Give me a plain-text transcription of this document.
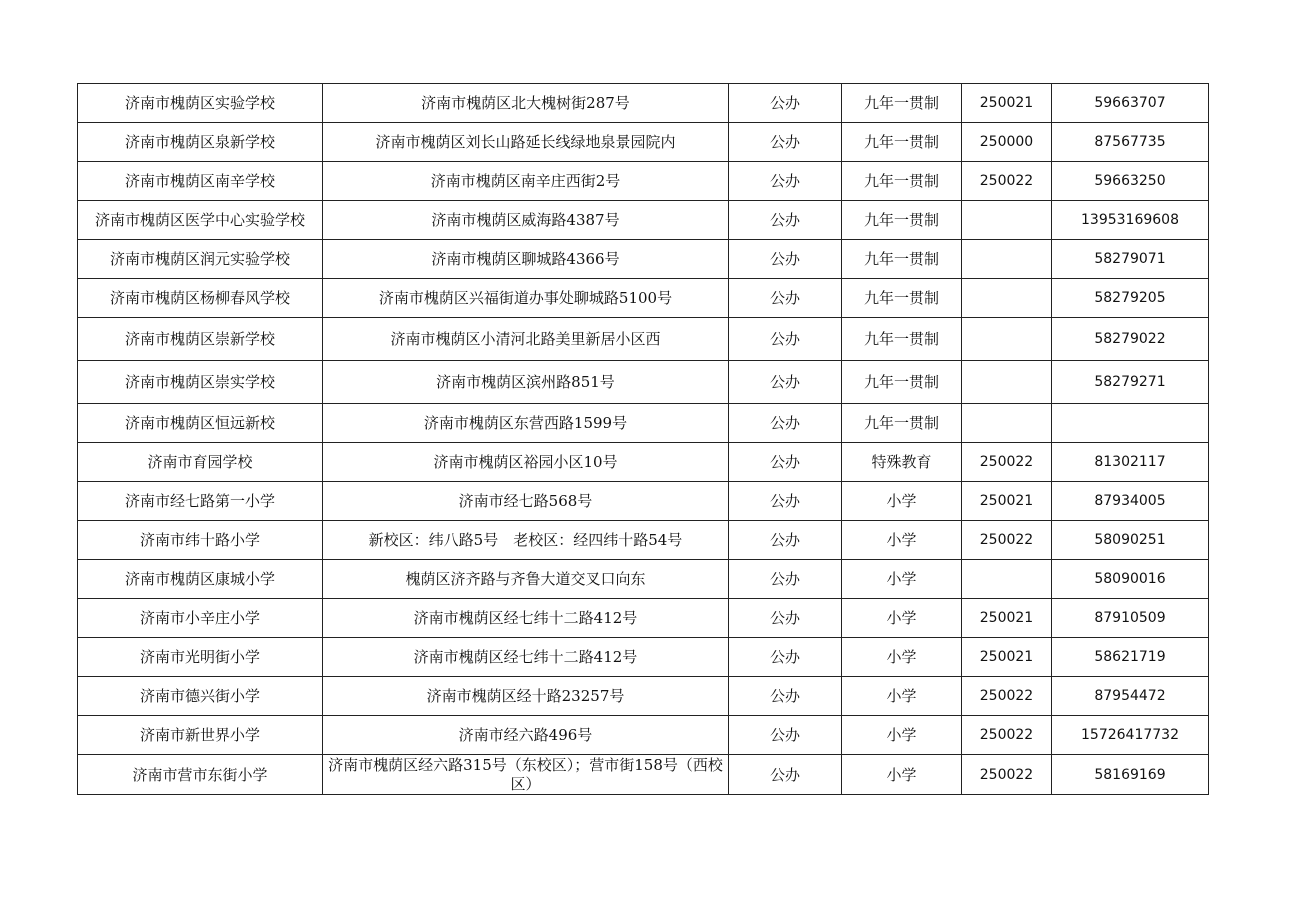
济南市槐荫区实验学校	济南市槐荫区北大槐树街287号	公办	九年一贯制	250021	59663707
济南市槐荫区泉新学校	济南市槐荫区刘长山路延长线绿地泉景园院内	公办	九年一贯制	250000	87567735
济南市槐荫区南辛学校	济南市槐荫区南辛庄西街2号	公办	九年一贯制	250022	59663250
济南市槐荫区医学中心实验学校	济南市槐荫区威海路4387号	公办	九年一贯制		13953169608
济南市槐荫区润元实验学校	济南市槐荫区聊城路4366号	公办	九年一贯制		58279071
济南市槐荫区杨柳春风学校	济南市槐荫区兴福街道办事处聊城路5100号	公办	九年一贯制		58279205
济南市槐荫区崇新学校	济南市槐荫区小清河北路美里新居小区西	公办	九年一贯制		58279022
济南市槐荫区崇实学校	济南市槐荫区滨州路851号	公办	九年一贯制		58279271
济南市槐荫区恒远新校	济南市槐荫区东营西路1599号	公办	九年一贯制		
济南市育园学校	济南市槐荫区裕园小区10号	公办	特殊教育	250022	81302117
济南市经七路第一小学	济南市经七路568号	公办	小学	250021	87934005
济南市纬十路小学	新校区：纬八路5号　老校区：经四纬十路54号	公办	小学	250022	58090251
济南市槐荫区康城小学	槐荫区济齐路与齐鲁大道交叉口向东	公办	小学		58090016
济南市小辛庄小学	济南市槐荫区经七纬十二路412号	公办	小学	250021	87910509
济南市光明街小学	济南市槐荫区经七纬十二路412号	公办	小学	250021	58621719
济南市德兴街小学	济南市槐荫区经十路23257号	公办	小学	250022	87954472
济南市新世界小学	济南市经六路496号	公办	小学	250022	15726417732
济南市营市东街小学	济南市槐荫区经六路315号（东校区）；营市街158号（西校区）	公办	小学	250022	58169169
